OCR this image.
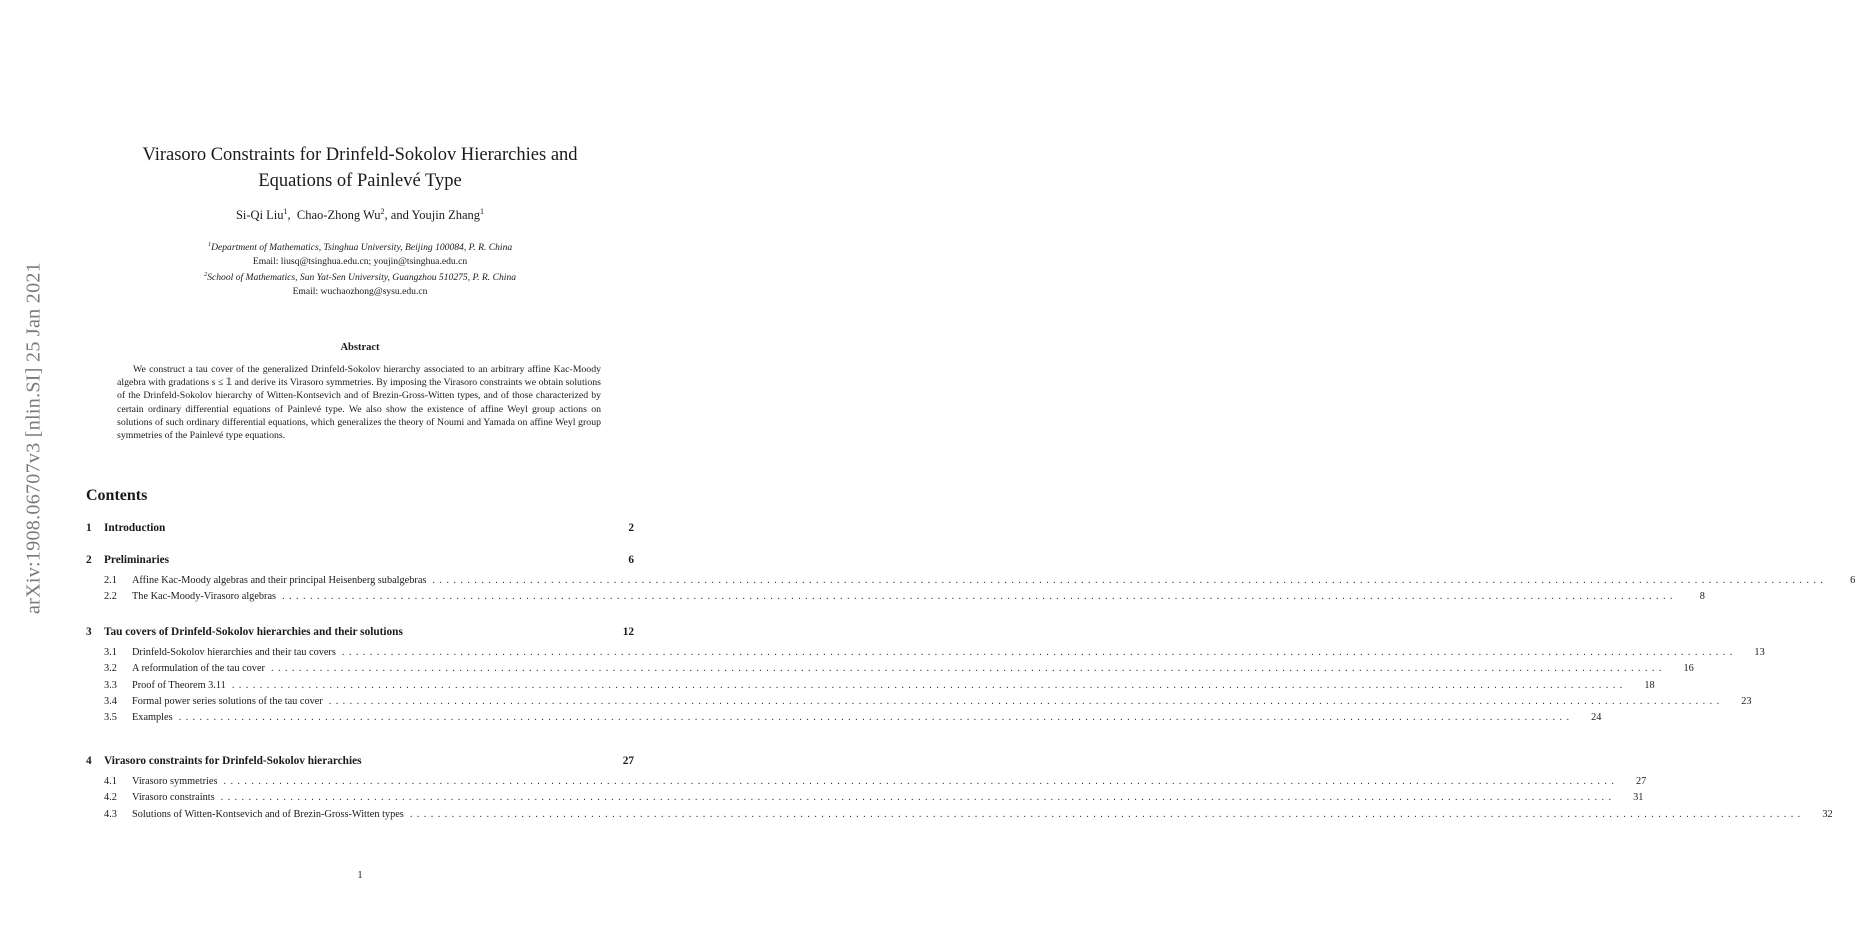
arXiv:1908.06707v3 [nlin.SI] 25 Jan 2021
Virasoro Constraints for Drinfeld-Sokolov Hierarchies and
Equations of Painlevé Type
Si-Qi Liu$^1$,  Chao-Zhong Wu$^2$, and Youjin Zhang$^1$
$^1$Department of Mathematics, Tsinghua University, Beijing 100084, P. R. China
Email: liusq@tsinghua.edu.cn; youjin@tsinghua.edu.cn
$^2$School of Mathematics, Sun Yat-Sen University, Guangzhou 510275, P. R. China
Email: wuchaozhong@sysu.edu.cn
Abstract
We construct a tau cover of the generalized Drinfeld-Sokolov hierarchy associated to an arbitrary affine Kac-Moody algebra with gradations s ≤ 𝟙 and derive its Virasoro symmetries. By imposing the Virasoro constraints we obtain solutions of the Drinfeld-Sokolov hierarchy of Witten-Kontsevich and of Brezin-Gross-Witten types, and of those characterized by certain ordinary differential equations of Painlevé type. We also show the existence of affine Weyl group actions on solutions of such ordinary differential equations, which generalizes the theory of Noumi and Yamada on affine Weyl group symmetries of the Painlevé type equations.
Contents
1	Introduction	2
2	Preliminaries	6
2.1	Affine Kac-Moody algebras and their principal Heisenberg subalgebras ........................................................................................................................................................................................................	6
2.2	The Kac-Moody-Virasoro algebras ........................................................................................................................................................................................................	8
3	Tau covers of Drinfeld-Sokolov hierarchies and their solutions	12
3.1	Drinfeld-Sokolov hierarchies and their tau covers ........................................................................................................................................................................................................	13
3.2	A reformulation of the tau cover ........................................................................................................................................................................................................	16
3.3	Proof of Theorem 3.11 ........................................................................................................................................................................................................	18
3.4	Formal power series solutions of the tau cover ........................................................................................................................................................................................................	23
3.5	Examples ........................................................................................................................................................................................................	24
4	Virasoro constraints for Drinfeld-Sokolov hierarchies	27
4.1	Virasoro symmetries ........................................................................................................................................................................................................	27
4.2	Virasoro constraints ........................................................................................................................................................................................................	31
4.3	Solutions of Witten-Kontsevich and of Brezin-Gross-Witten types ........................................................................................................................................................................................................	32
1
